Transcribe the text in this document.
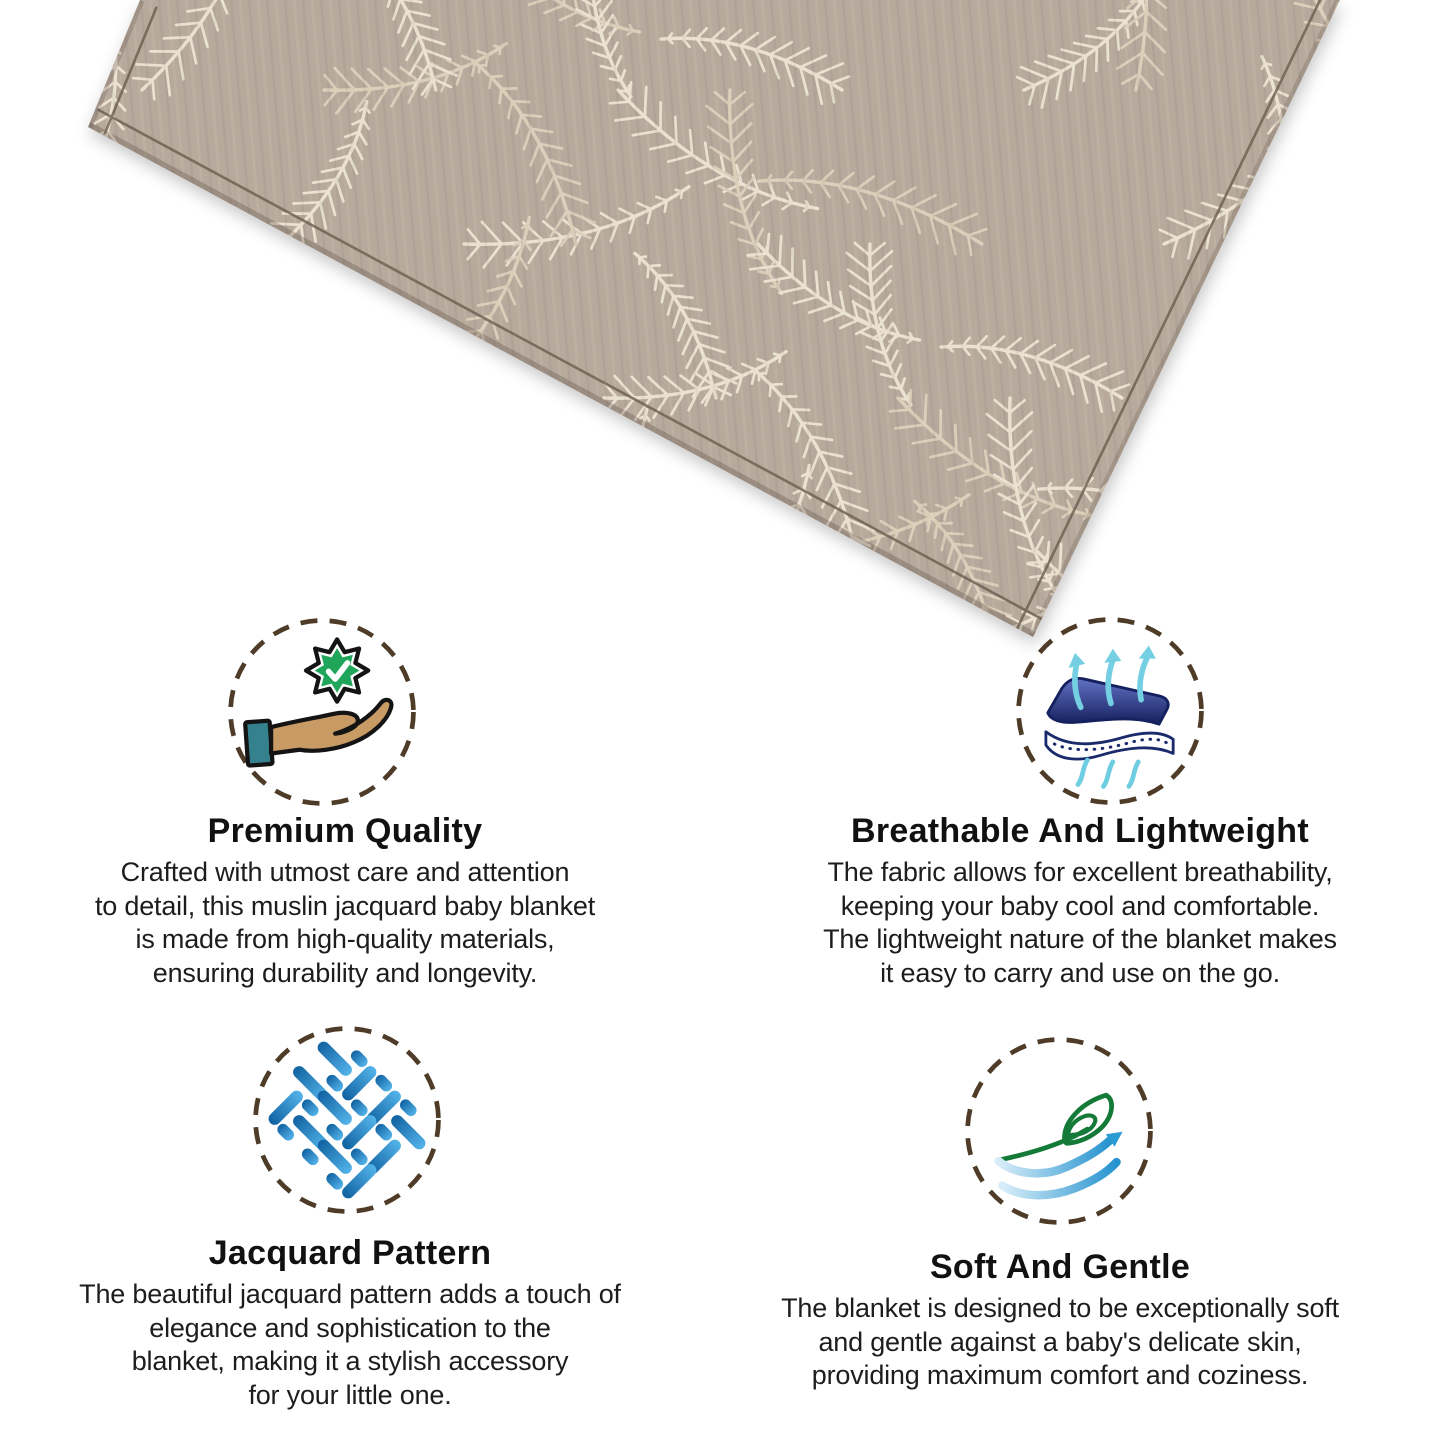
Premium Quality
Crafted with utmost care and attention
to detail, this muslin jacquard baby blanket
is made from high-quality materials,
ensuring durability and longevity.
Breathable And Lightweight
The fabric allows for excellent breathability,
keeping your baby cool and comfortable.
The lightweight nature of the blanket makes
it easy to carry and use on the go.
Jacquard Pattern
The beautiful jacquard pattern adds a touch of
elegance and sophistication to the
blanket, making it a stylish accessory
for your little one.
Soft And Gentle
The blanket is designed to be exceptionally soft
and gentle against a baby's delicate skin,
providing maximum comfort and coziness.
